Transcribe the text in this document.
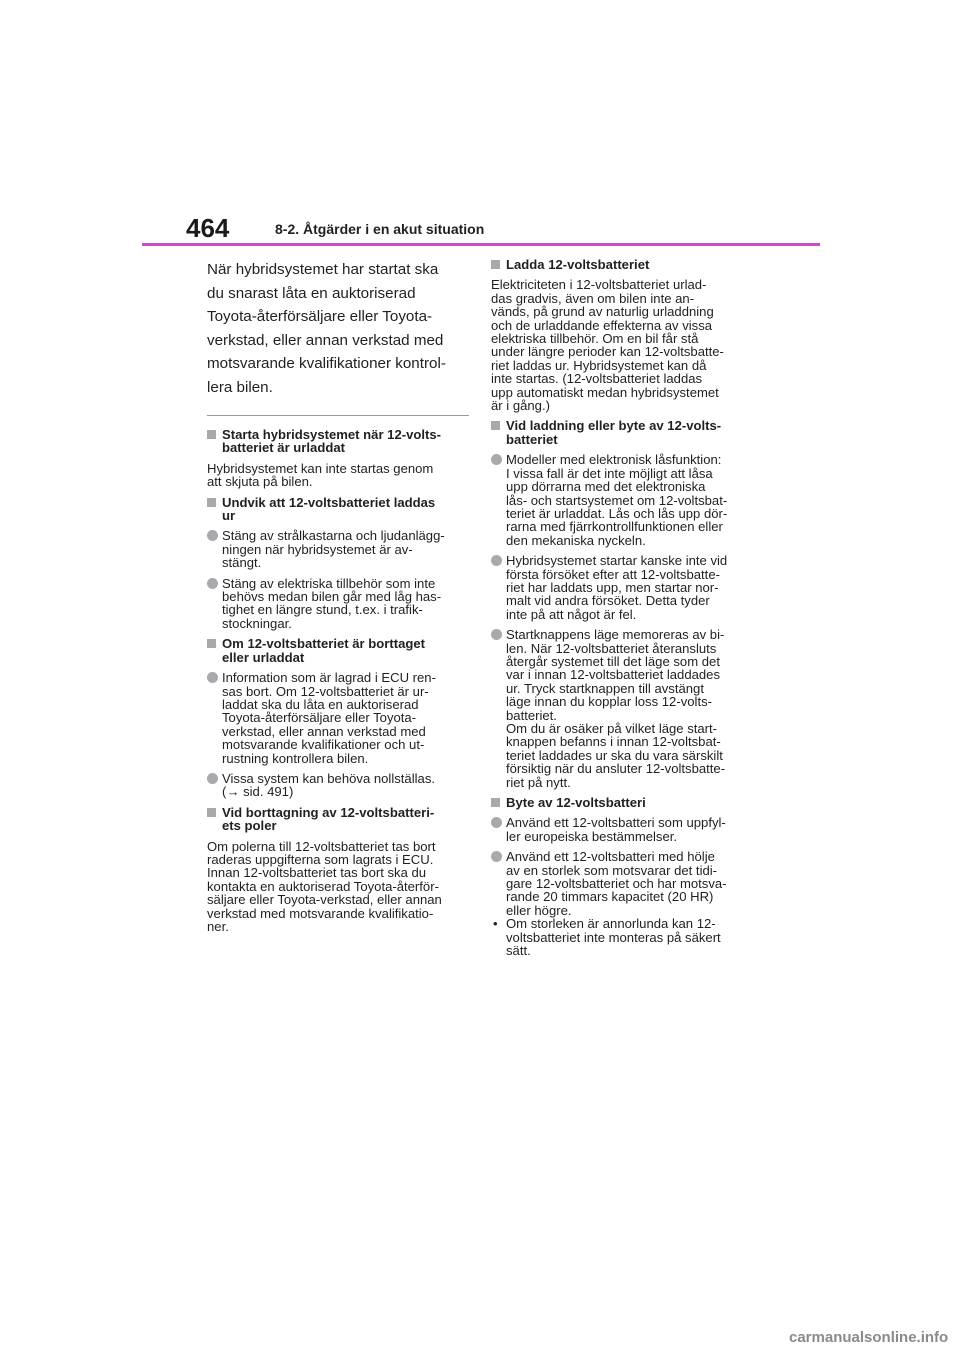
464	8-2. Åtgärder i en akut situation
När hybridsystemet har startat ska
du snarast låta en auktoriserad
Toyota-återförsäljare eller Toyota-
verkstad, eller annan verkstad med
motsvarande kvalifikationer kontrol-
lera bilen.
Starta hybridsystemet när 12-volts-
batteriet är urladdat
Hybridsystemet kan inte startas genom
att skjuta på bilen.
Undvik att 12-voltsbatteriet laddas
ur
Stäng av strålkastarna och ljudanlägg-
ningen när hybridsystemet är av-
stängt.
Stäng av elektriska tillbehör som inte
behövs medan bilen går med låg has-
tighet en längre stund, t.ex. i trafik-
stockningar.
Om 12-voltsbatteriet är borttaget
eller urladdat
Information som är lagrad i ECU ren-
sas bort. Om 12-voltsbatteriet är ur-
laddat ska du låta en auktoriserad
Toyota-återförsäljare eller Toyota-
verkstad, eller annan verkstad med
motsvarande kvalifikationer och ut-
rustning kontrollera bilen.
Vissa system kan behöva nollställas.
(→ sid. 491)
Vid borttagning av 12-voltsbatteri-
ets poler
Om polerna till 12-voltsbatteriet tas bort
raderas uppgifterna som lagrats i ECU.
Innan 12-voltsbatteriet tas bort ska du
kontakta en auktoriserad Toyota-återför-
säljare eller Toyota-verkstad, eller annan
verkstad med motsvarande kvalifikatio-
ner.
Ladda 12-voltsbatteriet
Elektriciteten i 12-voltsbatteriet urlad-
das gradvis, även om bilen inte an-
vänds, på grund av naturlig urladdning
och de urladdande effekterna av vissa
elektriska tillbehör. Om en bil får stå
under längre perioder kan 12-voltsbatte-
riet laddas ur. Hybridsystemet kan då
inte startas. (12-voltsbatteriet laddas
upp automatiskt medan hybridsystemet
är i gång.)
Vid laddning eller byte av 12-volts-
batteriet
Modeller med elektronisk låsfunktion:
I vissa fall är det inte möjligt att låsa
upp dörrarna med det elektroniska
lås- och startsystemet om 12-voltsbat-
teriet är urladdat. Lås och lås upp dör-
rarna med fjärrkontrollfunktionen eller
den mekaniska nyckeln.
Hybridsystemet startar kanske inte vid
första försöket efter att 12-voltsbatte-
riet har laddats upp, men startar nor-
malt vid andra försöket. Detta tyder
inte på att något är fel.
Startknappens läge memoreras av bi-
len. När 12-voltsbatteriet återansluts
återgår systemet till det läge som det
var i innan 12-voltsbatteriet laddades
ur. Tryck startknappen till avstängt
läge innan du kopplar loss 12-volts-
batteriet.
Om du är osäker på vilket läge start-
knappen befanns i innan 12-voltsbat-
teriet laddades ur ska du vara särskilt
försiktig när du ansluter 12-voltsbatte-
riet på nytt.
Byte av 12-voltsbatteri
Använd ett 12-voltsbatteri som uppfyl-
ler europeiska bestämmelser.
Använd ett 12-voltsbatteri med hölje
av en storlek som motsvarar det tidi-
gare 12-voltsbatteriet och har motsva-
rande 20 timmars kapacitet (20 HR)
eller högre.
• Om storleken är annorlunda kan 12-
voltsbatteriet inte monteras på säkert
sätt.
carmanualsonline.info
